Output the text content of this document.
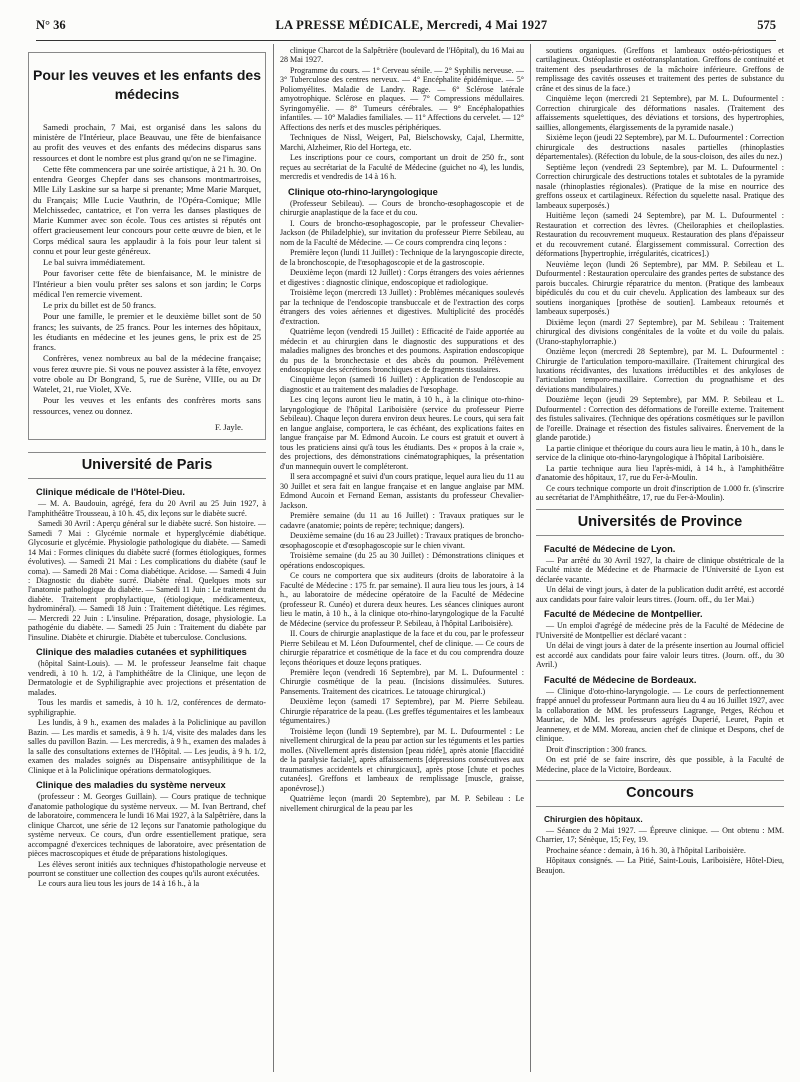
N° 36	LA PRESSE MÉDICALE, Mercredi, 4 Mai 1927	575
Pour les veuves et les enfants des médecins

Samedi prochain, 7 Mai, est organisé dans les salons du ministère de l'Intérieur, place Beauvau, une fête de bienfaisance au profit des veuves et des enfants des médecins disparus sans ressources et dont le nombre est plus grand qu'on ne se l'imagine.

Cette fête commencera par une soirée artistique, à 21 h. 30. On entendra Georges Chepfer dans ses chansons montmartroises, Mlle Lily Laskine sur sa harpe si prenante; Mme Marie Marquet, du Français; Mlle Lucie Vauthrin, de l'Opéra-Comique; Mlle Melchissedec, cantatrice, et l'on verra les danses plastiques de Marie Kummer avec son école. Tous ces artistes si réputés ont offert gracieusement leur concours pour cette œuvre de bien, et le Corps médical saura les applaudir à la fois pour leur talent si connu et pour leur geste généreux.

Le bal suivra immédiatement.

Pour favoriser cette fête de bienfaisance, M. le ministre de l'Intérieur a bien voulu prêter ses salons et son jardin; le Corps médical l'en remercie vivement.

Le prix du billet est de 50 francs.

Pour une famille, le premier et le deuxième billet sont de 50 francs; les suivants, de 25 francs. Pour les internes des hôpitaux, les étudiants en médecine et les jeunes gens, le prix est de 25 francs.

Confrères, venez nombreux au bal de la médecine française; vous ferez œuvre pie. Si vous ne pouvez assister à la fête, envoyez votre obole au Dr Bongrand, 5, rue de Surène, VIIIe, ou au Dr Watelet, 21, rue Violet, XVe.

Pour les veuves et les enfants des confrères morts sans ressources, venez ou donnez.

F. Jayle.

Université de Paris
Clinique médicale de l'Hôtel-Dieu.

— M. A. Baudouin, agrégé, fera du 20 Avril au 25 Juin 1927, à l'amphithéâtre Trousseau, à 10 h. 45, dix leçons sur le diabète sucré.

Samedi 30 Avril : Aperçu général sur le diabète sucré. Son histoire. — Samedi 7 Mai : Glycémie normale et hyperglycémie diabétique. Glycosurie et glycémie. Physiologie pathologique du diabète. — Samedi 14 Mai : Formes cliniques du diabète sucré (formes étiologiques, formes évolutives). — Samedi 21 Mai : Les complications du diabète (sauf le coma). — Samedi 28 Mai : Coma diabétique. Acidose. — Samedi 4 Juin : Diagnostic du diabète sucré. Diabète rénal. Quelques mots sur l'anatomie pathologique du diabète. — Samedi 11 Juin : Le traitement du diabète. Traitement prophylactique, (étiologique, médicamenteux, hydrominéral). — Samedi 18 Juin : Traitement diététique. Les régimes. — Mercredi 22 Juin : L'insuline. Préparation, dosage, physiologie. La pathogénie du diabète. — Samedi 25 Juin : Traitement du diabète par l'insuline. Diabète et chirurgie. Diabète et tuberculose. Conclusions.

Clinique des maladies cutanées et syphilitiques

(hôpital Saint-Louis). — M. le professeur Jeanselme fait chaque vendredi, à 10 h. 1/2, à l'amphithéâtre de la Clinique, une leçon de Dermatologie et de Syphiligraphie avec projections et présentation de malades.

Tous les mardis et samedis, à 10 h. 1/2, conférences de dermato-syphiligraphie.

Les lundis, à 9 h., examen des malades à la Policlinique au pavillon Bazin. — Les mardis et samedis, à 9 h. 1/4, visite des malades dans les salles du pavillon Bazin. — Les mercredis, à 9 h., examen des malades à la salle des consultations externes de l'Hôpital. — Les jeudis, à 9 h. 1/2, examen des malades soignés au Dispensaire antisyphilitique de la Clinique et à la Policlinique opérations dermatologiques.

Clinique des maladies du système nerveux

(professeur : M. Georges Guillain). — Cours pratique de technique d'anatomie pathologique du système nerveux. — M. Ivan Bertrand, chef de laboratoire, commencera le lundi 16 Mai 1927, à la Salpêtrière, dans la clinique Charcot, une série de 12 leçons sur l'anatomie pathologique du système nerveux. Ce cours, d'un ordre essentiellement pratique, sera accompagné d'exercices techniques de laboratoire, avec présentation de pièces macroscopiques et étude de préparations histologiques.

Les élèves seront initiés aux techniques d'histopathologie nerveuse et pourront se constituer une collection des coupes qu'ils auront exécutées.

Le cours aura lieu tous les jours de 14 à 16 h., à la

clinique Charcot de la Salpêtrière (boulevard de l'Hôpital), du 16 Mai au 28 Mai 1927.

Programme du cours. — 1° Cerveau sénile. — 2° Syphilis nerveuse. — 3° Tuberculose des centres nerveux. — 4° Encéphalite épidémique. — 5° Poliomyélites. Maladie de Landry. Rage. — 6° Sclérose latérale amyotrophique. Sclérose en plaques. — 7° Compressions médullaires. Syringomyélie. — 8° Tumeurs cérébrales. — 9° Encéphalopathies infantiles. — 10° Maladies familiales. — 11° Affections du cervelet. — 12° Affections des nerfs et des muscles périphériques.

Techniques de Nissl, Weigert, Pal, Bielschowsky, Cajal, Lhermitte, Marchi, Alzheimer, Rio del Hortega, etc.

Les inscriptions pour ce cours, comportant un droit de 250 fr., sont reçues au secrétariat de la Faculté de Médecine (guichet no 4), les lundis, mercredis et vendredis de 14 à 16 h.

Clinique oto-rhino-laryngologique

(Professeur Sebileau). — Cours de broncho-œsophagoscopie et de chirurgie anaplastique de la face et du cou.

I. Cours de broncho-œsophagoscopie, par le professeur Chevalier-Jackson (de Philadelphie), sur invitation du professeur Pierre Sebileau, au nom de la Faculté de Médecine. — Ce cours comprendra cinq leçons :

Première leçon (lundi 11 Juillet) : Technique de la laryngoscopie directe, de la bronchoscopie, de l'œsophagoscopie et de la gastroscopie.

Deuxième leçon (mardi 12 Juillet) : Corps étrangers des voies aériennes et digestives : diagnostic clinique, endoscopique et radiologique.

Troisième leçon (mercredi 13 Juillet) : Problèmes mécaniques soulevés par la technique de l'endoscopie transbuccale et de l'extraction des corps étrangers des voies aériennes et digestives. Multiplicité des procédés d'extraction.

Quatrième leçon (vendredi 15 Juillet) : Efficacité de l'aide apportée au médecin et au chirurgien dans le diagnostic des suppurations et des maladies malignes des bronches et des poumons. Aspiration endoscopique du pus de la bronchectasie et des abcès du poumon. Prélèvement endoscopique des sécrétions bronchiques et de fragments tissulaires.

Cinquième leçon (samedi 16 Juillet) : Application de l'endoscopie au diagnostic et au traitement des maladies de l'œsophage.

Les cinq leçons auront lieu le matin, à 10 h., à la clinique oto-rhino-laryngologique de l'hôpital Lariboisière (service du professeur Pierre Sebileau). Chaque leçon durera environ deux heures. Le cours, qui sera fait en langue anglaise, comportera, le cas échéant, des explications faites en langue française par M. Edmond Aucoin. Le cours est gratuit et ouvert à tous les praticiens ainsi qu'à tous les étudiants. Des « propos à la craie », des projections, des démonstrations cinématographiques, la présentation d'un mannequin ouvert le compléteront.

Il sera accompagné et suivi d'un cours pratique, lequel aura lieu du 11 au 30 Juillet et sera fait en langue française et en langue anglaise par MM. Edmond Aucoin et Fernand Eeman, assistants du professeur Chevalier-Jackson.

Première semaine (du 11 au 16 Juillet) : Travaux pratiques sur le cadavre (anatomie; points de repère; technique; dangers).

Deuxième semaine (du 16 au 23 Juillet) : Travaux pratiques de broncho-œsophagoscopie et d'œsophagoscopie sur le chien vivant.

Troisième semaine (du 25 au 30 Juillet) : Démonstrations cliniques et opérations endoscopiques.

Ce cours ne comportera que six auditeurs (droits de laboratoire à la Faculté de Médecine : 175 fr. par semaine). Il aura lieu tous les jours, à 14 h., au laboratoire de médecine opératoire de la Faculté de Médecine (professeur R. Cunéo) et durera deux heures. Les séances cliniques auront lieu le matin, à 10 h., à la clinique oto-rhino-laryngologique de la Faculté de Médecine (service du professeur P. Sebileau, à l'hôpital Lariboisière).

II. Cours de chirurgie anaplastique de la face et du cou, par le professeur Pierre Sebileau et M. Léon Dufourmentel, chef de clinique. — Ce cours de chirurgie réparatrice et cosmétique de la face et du cou comprendra douze leçons théoriques et douze leçons pratiques.

Première leçon (vendredi 16 Septembre), par M. L. Dufourmentel : Chirurgie cosmétique de la peau. (Incisions dissimulées. Sutures. Pansements. Traitement des cicatrices. Le tatouage chirurgical.)

Deuxième leçon (samedi 17 Septembre), par M. Pierre Sebileau. Chirurgie réparatrice de la peau. (Les greffes tégumentaires et les lambeaux tégumentaires.)

Troisième leçon (lundi 19 Septembre), par M. L. Dufourmentel : Le nivellement chirurgical de la peau par action sur les téguments et les parties molles. (Nivellement après distension [peau ridée], après atonie [flaccidité de la paralysie faciale], après affaissements [dépressions consécutives aux traumatismes accidentels et chirurgicaux], après ptose [chute et poches cutanées]. Greffons et lambeaux de remplissage [muscle, graisse, aponévrose].)

Quatrième leçon (mardi 20 Septembre), par M. P. Sebileau : Le nivellement chirurgical de la peau par les

soutiens organiques. (Greffons et lambeaux ostéo-périostiques et cartilagineux. Ostéoplastie et ostéotransplantation. Greffons de continuité et traitement des pseudarthroses de la mâchoire inférieure. Greffons de remplissage des cavités osseuses et traitement des pertes de substance du crâne et des sinus de la face.)

Cinquième leçon (mercredi 21 Septembre), par M. L. Dufourmentel : Correction chirurgicale des déformations nasales. (Traitement des affaissements squelettiques, des déviations et torsions, des hypertrophies, saillies, allongements, élargissements de la pyramide nasale.)

Sixième leçon (jeudi 22 Septembre), par M. L. Dufourmentel : Correction chirurgicale des destructions nasales partielles (rhinoplasties départementales). (Réfection du lobule, de la sous-cloison, des ailes du nez.)

Septième leçon (vendredi 23 Septembre), par M. L. Dufourmentel : Correction chirurgicale des destructions totales et subtotales de la pyramide nasale (rhinoplasties régionales). (Pratique de la mise en nourrice des greffons osseux et cartilagineux. Réfection du squelette nasal. Pratique des lambeaux superposés.)

Huitième leçon (samedi 24 Septembre), par M. L. Dufourmentel : Restauration et correction des lèvres. (Cheiloraphies et cheiloplasties. Restauration du recouvrement muqueux. Restauration des plans d'épaisseur et du recouvrement cutané. Élargissement commissural. Correction des déformations [hypertrophie, irrégularités, cicatrices].)

Neuvième leçon (lundi 26 Septembre), par MM. P. Sebileau et L. Dufourmentel : Restauration operculaire des grandes pertes de substance des parois buccales. Chirurgie réparatrice du menton. (Pratique des lambeaux bipédiculés du cou et du cuir chevelu. Application des lambeaux sur des soutiens inorganiques [prothèse de soutien]. Lambeaux retournés et lambeaux superposés.)

Dixième leçon (mardi 27 Septembre), par M. Sebileau : Traitement chirurgical des divisions congénitales de la voûte et du voile du palais. (Urano-staphylorraphie.)

Onzième leçon (mercredi 28 Septembre), par M. L. Dufourmentel : Chirurgie de l'articulation temporo-maxillaire. (Traitement chirurgical des luxations récidivantes, des luxations irréductibles et des ankyloses de l'articulation temporo-maxillaire. Correction du prognathisme et des déviations mandibulaires.)

Douzième leçon (jeudi 29 Septembre), par MM. P. Sebileau et L. Dufourmentel : Correction des déformations de l'oreille externe. Traitement des fistules salivaires. (Technique des opérations cosmétiques sur le pavillon de l'oreille. Drainage et résection des fistules salivaires. Énervement de la glande parotide.)

La partie clinique et théorique du cours aura lieu le matin, à 10 h., dans le service de la clinique oto-rhino-laryngologique à l'hôpital Lariboisière.

La partie technique aura lieu l'après-midi, à 14 h., à l'amphithéâtre d'anatomie des hôpitaux, 17, rue du Fer-à-Moulin.

Ce cours technique comporte un droit d'inscription de 1.000 fr. (s'inscrire au secrétariat de l'Amphithéâtre, 17, rue du Fer-à-Moulin).

Universités de Province
Faculté de Médecine de Lyon.

— Par arrêté du 30 Avril 1927, la chaire de clinique obstétricale de la Faculté mixte de Médecine et de Pharmacie de l'Université de Lyon est déclarée vacante.

Un délai de vingt jours, à dater de la publication dudit arrêté, est accordé aux candidats pour faire valoir leurs titres. (Journ. off., du 1er Mai.)

Faculté de Médecine de Montpellier.

— Un emploi d'agrégé de médecine près de la Faculté de Médecine de l'Université de Montpellier est déclaré vacant :

Un délai de vingt jours à dater de la présente insertion au Journal officiel est accordé aux candidats pour faire valoir leurs titres. (Journ. off., du 30 Avril.)

Faculté de Médecine de Bordeaux.

— Clinique d'oto-rhino-laryngologie. — Le cours de perfectionnement frappé annuel du professeur Portmann aura lieu du 4 au 16 Juillet 1927, avec la collaboration de MM. les professeurs Lagrange, Petges, Réchou et Mauriac, de MM. les professeurs agrégés Duperié, Leuret, Papin et Jeanneney, et de MM. Moreau, ancien chef de clinique et Despons, chef de clinique.

Droit d'inscription : 300 francs.

On est prié de se faire inscrire, dès que possible, à la Faculté de Médecine, place de la Victoire, Bordeaux.

Concours
Chirurgien des hôpitaux.

— Séance du 2 Mai 1927. — Épreuve clinique. — Ont obtenu : MM. Charrier, 17; Sénèque, 15; Fey, 19.

Prochaine séance : demain, à 16 h. 30, à l'hôpital Lariboisière.

Hôpitaux consignés. — La Pitié, Saint-Louis, Lariboisière, Hôtel-Dieu, Beaujon.
